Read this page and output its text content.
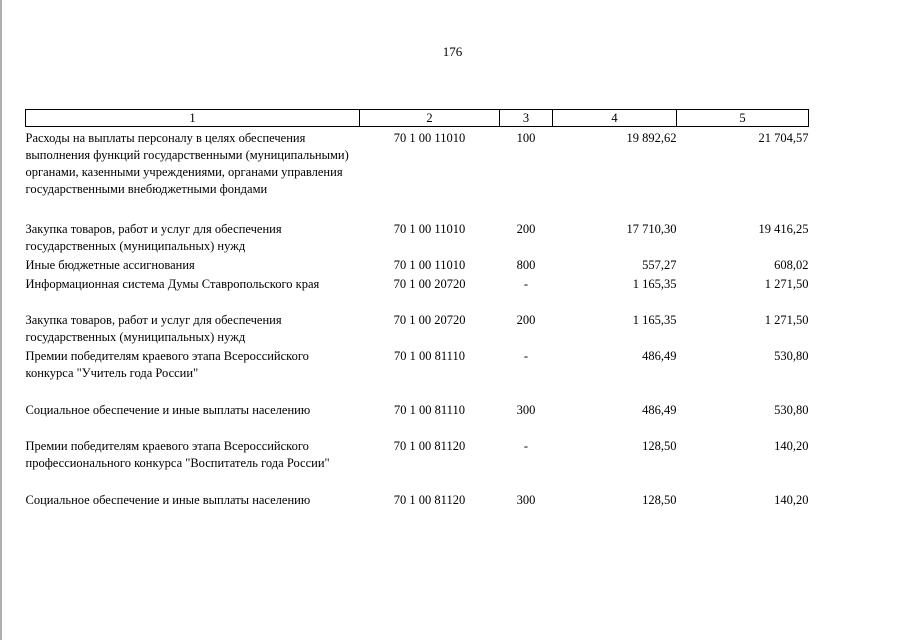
176
1	2	3	4	5
Расходы на выплаты персоналу в целях обеспечения выполнения функций государственными (муниципальными) органами, казенными учреждениями, органами управления государственными внебюджетными фондами	70 1 00 11010	100	19 892,62	21 704,57
Закупка товаров, работ и услуг для обеспечения государственных (муниципальных) нужд	70 1 00 11010	200	17 710,30	19 416,25
Иные бюджетные ассигнования	70 1 00 11010	800	557,27	608,02
Информационная система Думы Ставропольского края	70 1 00 20720	-	1 165,35	1 271,50
Закупка товаров, работ и услуг для обеспечения государственных (муниципальных) нужд	70 1 00 20720	200	1 165,35	1 271,50
Премии победителям краевого этапа Всероссийского конкурса "Учитель года России"	70 1 00 81110	-	486,49	530,80
Социальное обеспечение и иные выплаты населению	70 1 00 81110	300	486,49	530,80
Премии победителям краевого этапа Всероссийского профессионального конкурса "Воспитатель года России"	70 1 00 81120	-	128,50	140,20
Социальное обеспечение и иные выплаты населению	70 1 00 81120	300	128,50	140,20
